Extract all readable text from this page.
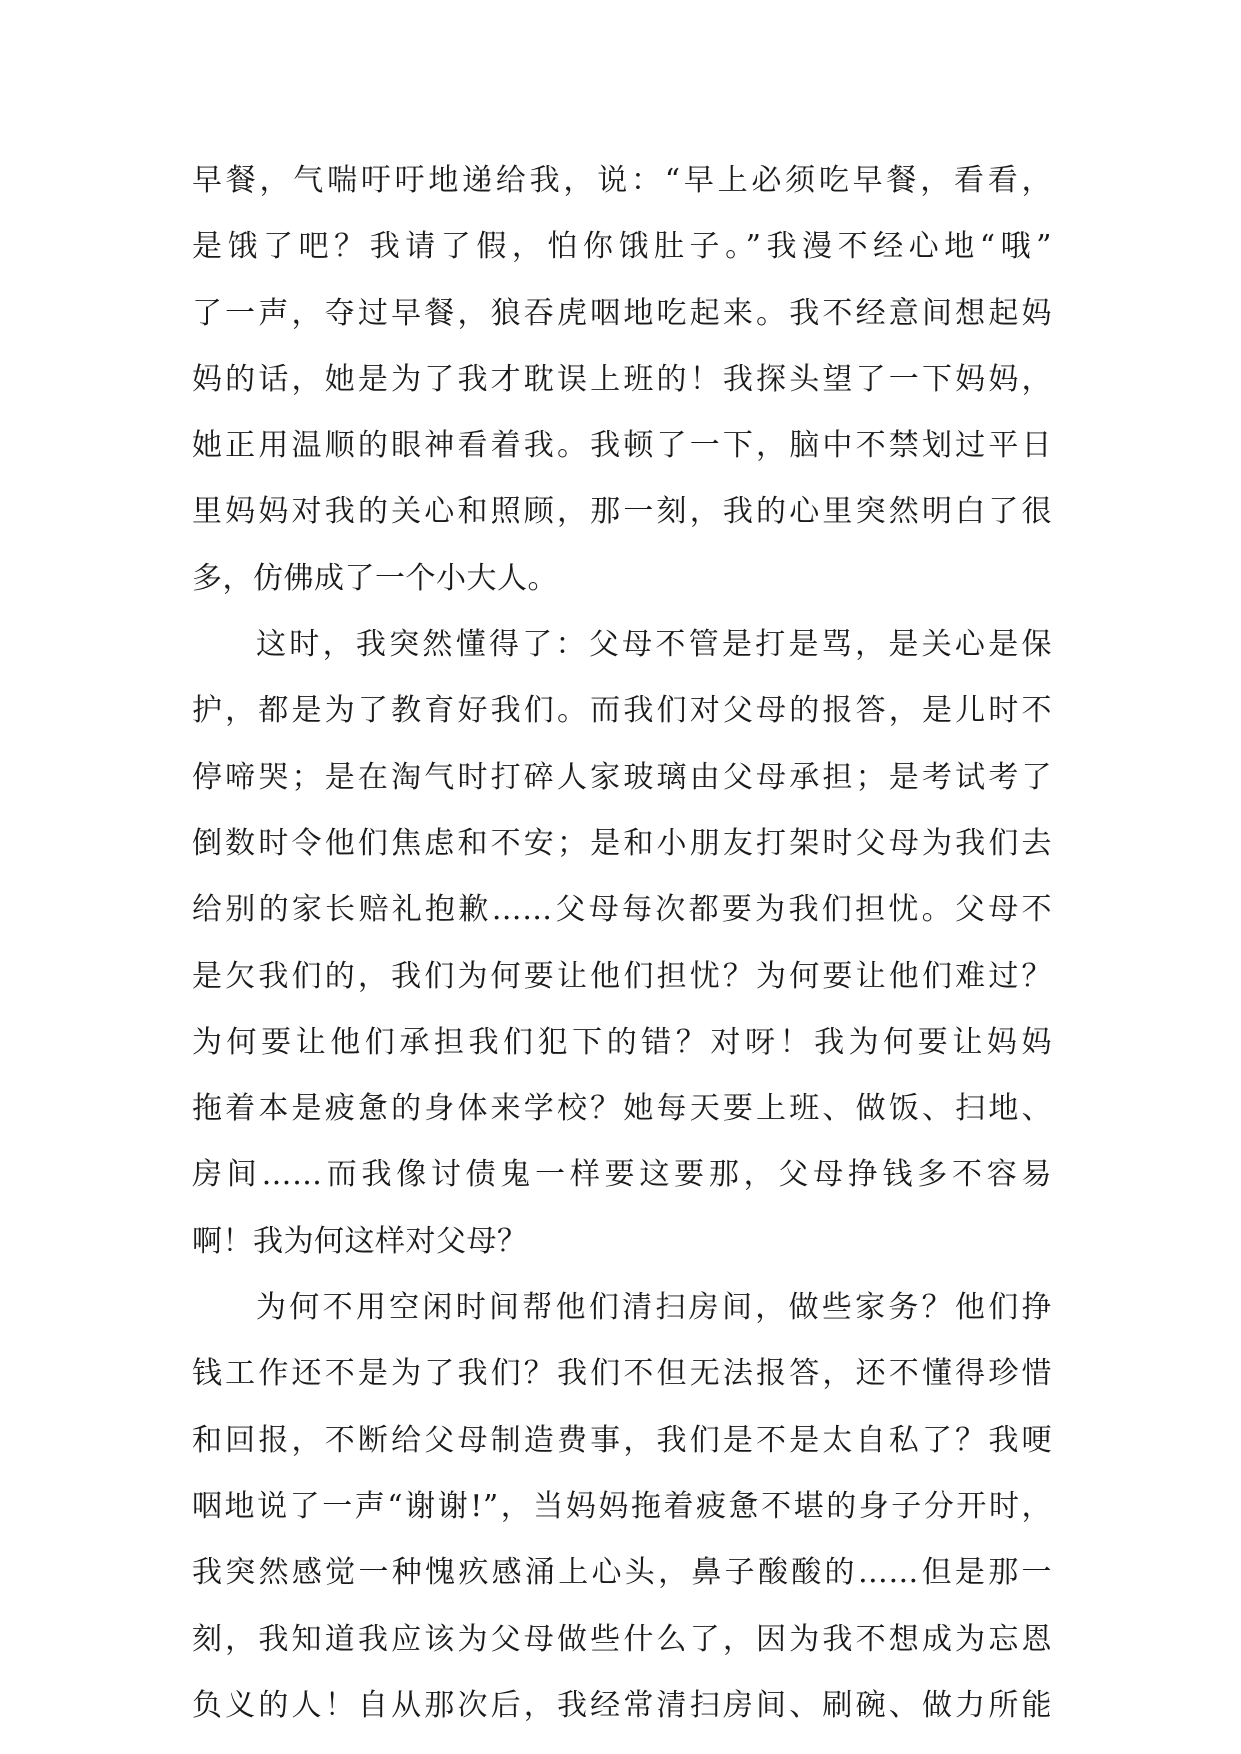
早餐，气喘吁吁地递给我，说：“早上必须吃早餐，看看，
是饿了吧？我请了假，怕你饿肚子。”我漫不经心地“哦”
了一声，夺过早餐，狼吞虎咽地吃起来。我不经意间想起妈
妈的话，她是为了我才耽误上班的！我探头望了一下妈妈，
她正用温顺的眼神看着我。我顿了一下，脑中不禁划过平日
里妈妈对我的关心和照顾，那一刻，我的心里突然明白了很
多，仿佛成了一个小大人。
这时，我突然懂得了：父母不管是打是骂，是关心是保
护，都是为了教育好我们。而我们对父母的报答，是儿时不
停啼哭；是在淘气时打碎人家玻璃由父母承担；是考试考了
倒数时令他们焦虑和不安；是和小朋友打架时父母为我们去
给别的家长赔礼抱歉……父母每次都要为我们担忧。父母不
是欠我们的，我们为何要让他们担忧？为何要让他们难过？
为何要让他们承担我们犯下的错？对呀！我为何要让妈妈
拖着本是疲惫的身体来学校？她每天要上班、做饭、扫地、
房间……而我像讨债鬼一样要这要那，父母挣钱多不容易
啊！我为何这样对父母？
为何不用空闲时间帮他们清扫房间，做些家务？他们挣
钱工作还不是为了我们？我们不但无法报答，还不懂得珍惜
和回报，不断给父母制造费事，我们是不是太自私了？我哽
咽地说了一声“谢谢!”，当妈妈拖着疲惫不堪的身子分开时，
我突然感觉一种愧疚感涌上心头，鼻子酸酸的……但是那一
刻，我知道我应该为父母做些什么了，因为我不想成为忘恩
负义的人！自从那次后，我经常清扫房间、刷碗、做力所能
